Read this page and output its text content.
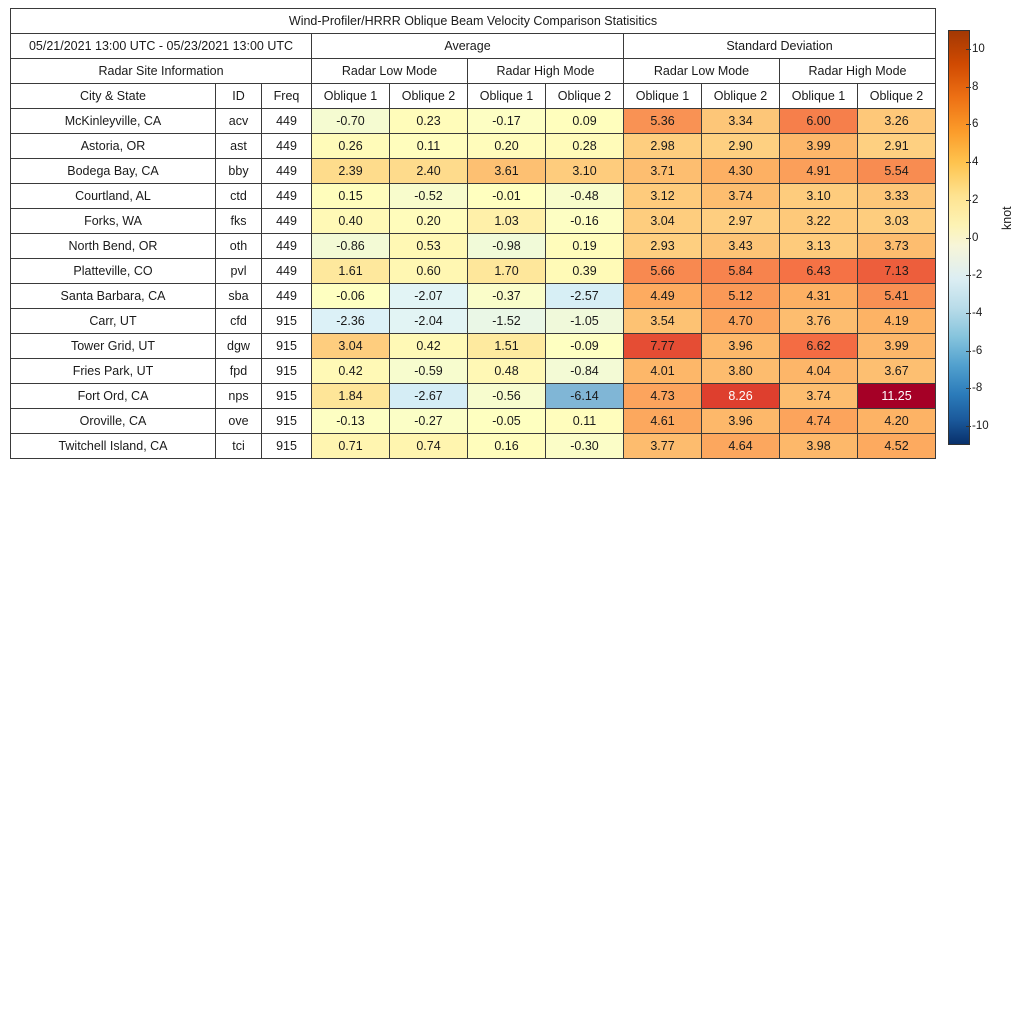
Wind-Profiler/HRRR Oblique Beam Velocity Comparison Statisitics										
05/21/2021 13:00 UTC - 05/23/2021 13:00 UTC			Average				Standard Deviation			
Radar Site Information			Radar Low Mode		Radar High Mode		Radar Low Mode		Radar High Mode	
City & State	ID	Freq	Oblique 1	Oblique 2	Oblique 1	Oblique 2	Oblique 1	Oblique 2	Oblique 1	Oblique 2
McKinleyville, CA	acv	449	-0.70	0.23	-0.17	0.09	5.36	3.34	6.00	3.26
Astoria, OR	ast	449	0.26	0.11	0.20	0.28	2.98	2.90	3.99	2.91
Bodega Bay, CA	bby	449	2.39	2.40	3.61	3.10	3.71	4.30	4.91	5.54
Courtland, AL	ctd	449	0.15	-0.52	-0.01	-0.48	3.12	3.74	3.10	3.33
Forks, WA	fks	449	0.40	0.20	1.03	-0.16	3.04	2.97	3.22	3.03
North Bend, OR	oth	449	-0.86	0.53	-0.98	0.19	2.93	3.43	3.13	3.73
Platteville, CO	pvl	449	1.61	0.60	1.70	0.39	5.66	5.84	6.43	7.13
Santa Barbara, CA	sba	449	-0.06	-2.07	-0.37	-2.57	4.49	5.12	4.31	5.41
Carr, UT	cfd	915	-2.36	-2.04	-1.52	-1.05	3.54	4.70	3.76	4.19
Tower Grid, UT	dgw	915	3.04	0.42	1.51	-0.09	7.77	3.96	6.62	3.99
Fries Park, UT	fpd	915	0.42	-0.59	0.48	-0.84	4.01	3.80	4.04	3.67
Fort Ord, CA	nps	915	1.84	-2.67	-0.56	-6.14	4.73	8.26	3.74	11.25
Oroville, CA	ove	915	-0.13	-0.27	-0.05	0.11	4.61	3.96	4.74	4.20
Twitchell Island, CA	tci	915	0.71	0.74	0.16	-0.30	3.77	4.64	3.98	4.52
10
8
6
4
2
0
-2
-4
-6
-8
-10
knot
